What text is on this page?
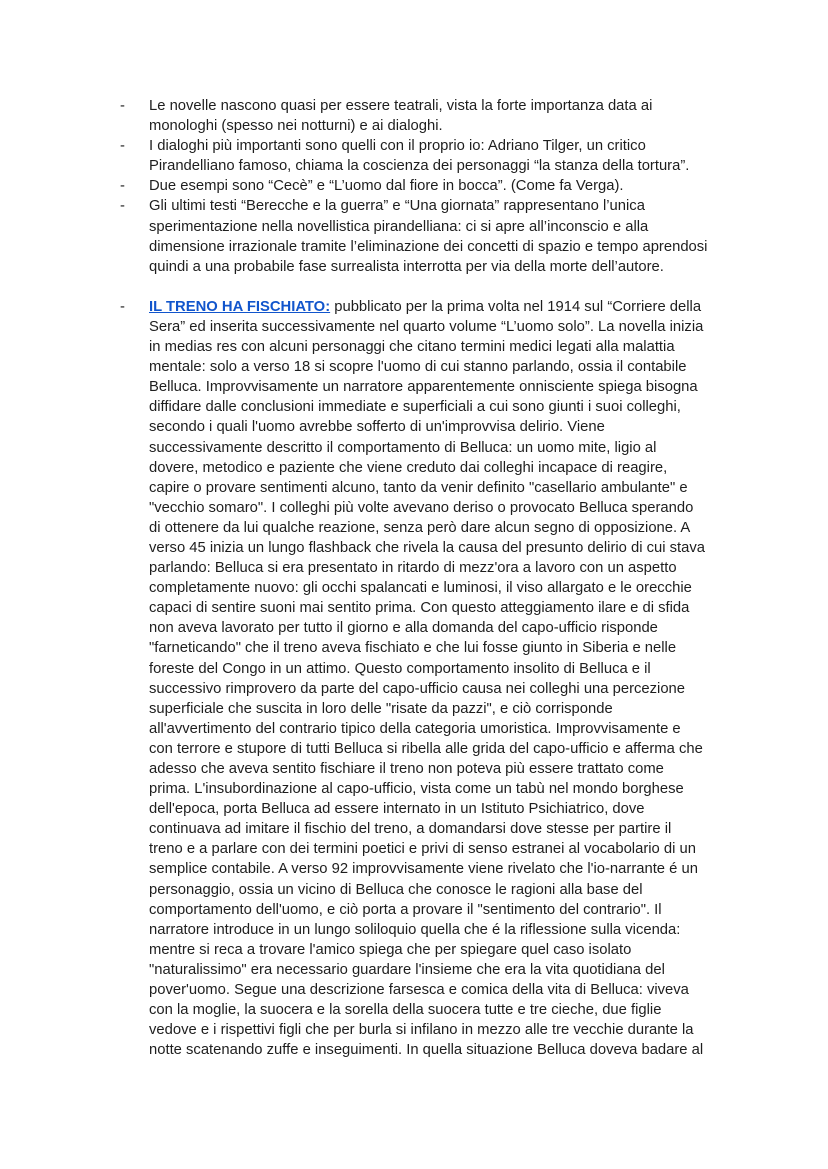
- Le novelle nascono quasi per essere teatrali, vista la forte importanza data ai
monologhi (spesso nei notturni) e ai dialoghi.
- I dialoghi più importanti sono quelli con il proprio io: Adriano Tilger, un critico
Pirandelliano famoso, chiama la coscienza dei personaggi “la stanza della tortura”.
- Due esempi sono “Cecè” e “L’uomo dal fiore in bocca”. (Come fa Verga).
- Gli ultimi testi “Berecche e la guerra” e “Una giornata” rappresentano l’unica
sperimentazione nella novellistica pirandelliana: ci si apre all’inconscio e alla
dimensione irrazionale tramite l’eliminazione dei concetti di spazio e tempo aprendosi
quindi a una probabile fase surrealista interrotta per via della morte dell’autore.
- IL TRENO HA FISCHIATO: pubblicato per la prima volta nel 1914 sul “Corriere della
Sera” ed inserita successivamente nel quarto volume “L’uomo solo”. La novella inizia
in medias res con alcuni personaggi che citano termini medici legati alla malattia
mentale: solo a verso 18 si scopre l'uomo di cui stanno parlando, ossia il contabile
Belluca. Improvvisamente un narratore apparentemente onnisciente spiega bisogna
diffidare dalle conclusioni immediate e superficiali a cui sono giunti i suoi colleghi,
secondo i quali l'uomo avrebbe sofferto di un'improvvisa delirio. Viene
successivamente descritto il comportamento di Belluca: un uomo mite, ligio al
dovere, metodico e paziente che viene creduto dai colleghi incapace di reagire,
capire o provare sentimenti alcuno, tanto da venir definito "casellario ambulante" e
"vecchio somaro". I colleghi più volte avevano deriso o provocato Belluca sperando
di ottenere da lui qualche reazione, senza però dare alcun segno di opposizione. A
verso 45 inizia un lungo flashback che rivela la causa del presunto delirio di cui stava
parlando: Belluca si era presentato in ritardo di mezz'ora a lavoro con un aspetto
completamente nuovo: gli occhi spalancati e luminosi, il viso allargato e le orecchie
capaci di sentire suoni mai sentito prima. Con questo atteggiamento ilare e di sfida
non aveva lavorato per tutto il giorno e alla domanda del capo-ufficio risponde
"farneticando" che il treno aveva fischiato e che lui fosse giunto in Siberia e nelle
foreste del Congo in un attimo. Questo comportamento insolito di Belluca e il
successivo rimprovero da parte del capo-ufficio causa nei colleghi una percezione
superficiale che suscita in loro delle "risate da pazzi", e ciò corrisponde
all'avvertimento del contrario tipico della categoria umoristica. Improvvisamente e
con terrore e stupore di tutti Belluca si ribella alle grida del capo-ufficio e afferma che
adesso che aveva sentito fischiare il treno non poteva più essere trattato come
prima. L'insubordinazione al capo-ufficio, vista come un tabù nel mondo borghese
dell'epoca, porta Belluca ad essere internato in un Istituto Psichiatrico, dove
continuava ad imitare il fischio del treno, a domandarsi dove stesse per partire il
treno e a parlare con dei termini poetici e privi di senso estranei al vocabolario di un
semplice contabile. A verso 92 improvvisamente viene rivelato che l'io-narrante é un
personaggio, ossia un vicino di Belluca che conosce le ragioni alla base del
comportamento dell'uomo, e ciò porta a provare il "sentimento del contrario". Il
narratore introduce in un lungo soliloquio quella che é la riflessione sulla vicenda:
mentre si reca a trovare l'amico spiega che per spiegare quel caso isolato
"naturalissimo" era necessario guardare l'insieme che era la vita quotidiana del
pover'uomo. Segue una descrizione farsesca e comica della vita di Belluca: viveva
con la moglie, la suocera e la sorella della suocera tutte e tre cieche, due figlie
vedove e i rispettivi figli che per burla si infilano in mezzo alle tre vecchie durante la
notte scatenando zuffe e inseguimenti. In quella situazione Belluca doveva badare al
